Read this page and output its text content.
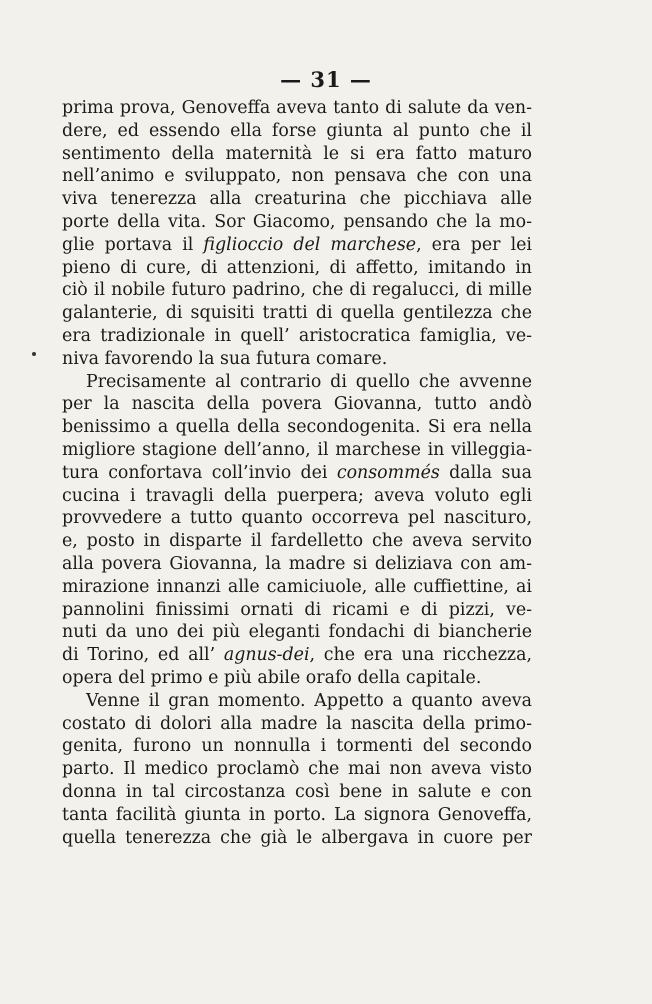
— 31 —
prima prova, Genoveffa aveva tanto di salute da ven-
dere, ed essendo ella forse giunta al punto che il
sentimento della maternità le si era fatto maturo
nell’animo e sviluppato, non pensava che con una
viva tenerezza alla creaturina che picchiava alle
porte della vita. Sor Giacomo, pensando che la mo-
glie portava il figlioccio del marchese, era per lei
pieno di cure, di attenzioni, di affetto, imitando in
ciò il nobile futuro padrino, che di regalucci, di mille
galanterie, di squisiti tratti di quella gentilezza che
era tradizionale in quell’ aristocratica famiglia, ve-
niva favorendo la sua futura comare.
Precisamente al contrario di quello che avvenne
per la nascita della povera Giovanna, tutto andò
benissimo a quella della secondogenita. Si era nella
migliore stagione dell’anno, il marchese in villeggia-
tura confortava coll’invio dei consommés dalla sua
cucina i travagli della puerpera; aveva voluto egli
provvedere a tutto quanto occorreva pel nascituro,
e, posto in disparte il fardelletto che aveva servito
alla povera Giovanna, la madre si deliziava con am-
mirazione innanzi alle camiciuole, alle cuffiettine, ai
pannolini finissimi ornati di ricami e di pizzi, ve-
nuti da uno dei più eleganti fondachi di biancherie
di Torino, ed all’ agnus-dei, che era una ricchezza,
opera del primo e più abile orafo della capitale.
Venne il gran momento. Appetto a quanto aveva
costato di dolori alla madre la nascita della primo-
genita, furono un nonnulla i tormenti del secondo
parto. Il medico proclamò che mai non aveva visto
donna in tal circostanza così bene in salute e con
tanta facilità giunta in porto. La signora Genoveffa,
quella tenerezza che già le albergava in cuore per
